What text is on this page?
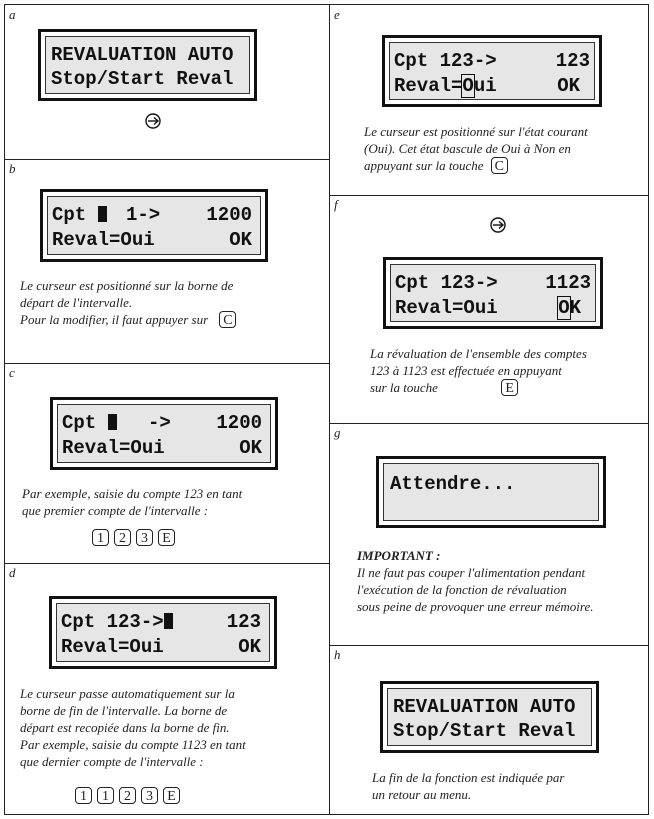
a
REVALUATION AUTO
Stop/Start Reval
b
Cpt	1-> 1200
Reval=Oui	OK
Le curseur est positionné sur la borne de
départ de l'intervalle.
Pour la modifier, il faut appuyer sur C
c
Cpt	-> 1200
Reval=Oui	OK
Par exemple, saisie du compte 123 en tant
que premier compte de l'intervalle :
1 2 3 E
d
Cpt 123->	123
Reval=Oui	OK
Le curseur passe automatiquement sur la
borne de fin de l'intervalle. La borne de
départ est recopiée dans la borne de fin.
Par exemple, saisie du compte 1123 en tant
que dernier compte de l'intervalle :
1 1 2 3 E
e
Cpt 123->	123
Reval=Oui	OK
Le curseur est positionné sur l'état courant
(Oui). Cet état bascule de Oui à Non en
appuyant sur la touche C
f
Cpt 123->	1123
Reval=Oui	OK
La révaluation de l'ensemble des comptes
123 à 1123 est effectuée en appuyant
sur la touche	E
g
Attendre...
IMPORTANT :
Il ne faut pas couper l'alimentation pendant
l'exécution de la fonction de révaluation
sous peine de provoquer une erreur mémoire.
h
REVALUATION AUTO
Stop/Start Reval
La fin de la fonction est indiquée par
un retour au menu.
